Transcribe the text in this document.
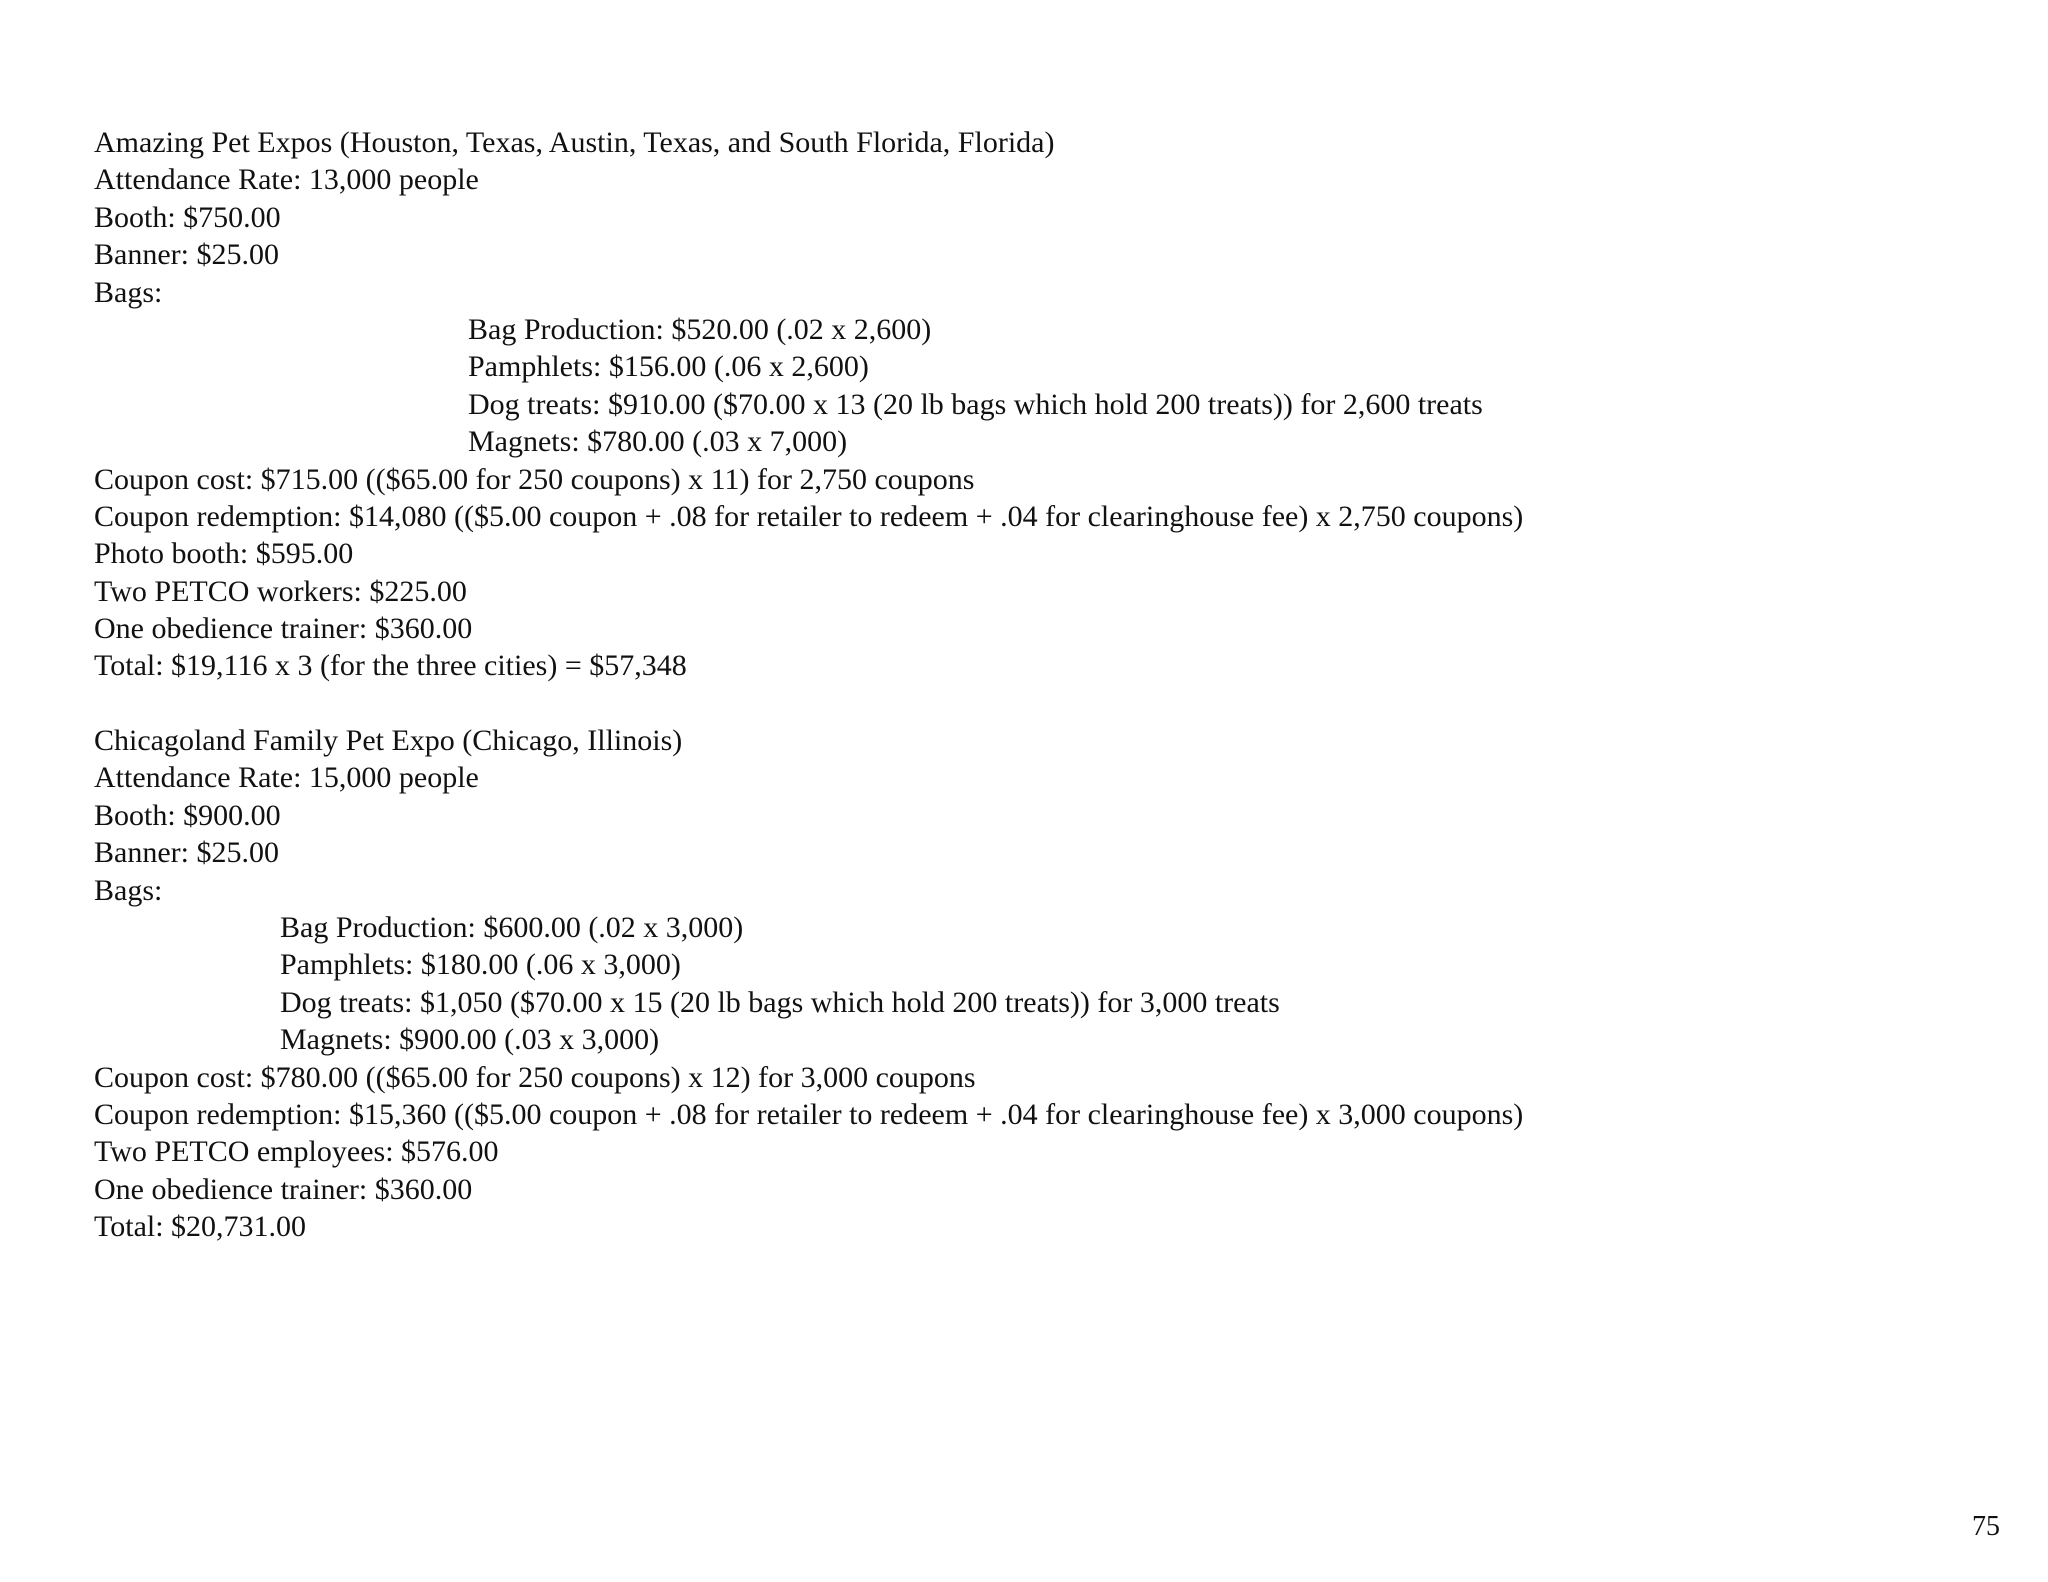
Amazing Pet Expos (Houston, Texas, Austin, Texas, and South Florida, Florida)
Attendance Rate: 13,000 people
Booth: $750.00
Banner: $25.00
Bags:
Bag Production: $520.00 (.02 x 2,600)
Pamphlets: $156.00 (.06 x 2,600)
Dog treats: $910.00 ($70.00 x 13 (20 lb bags which hold 200 treats)) for 2,600 treats
Magnets: $780.00 (.03 x 7,000)
Coupon cost: $715.00 (($65.00 for 250 coupons) x 11) for 2,750 coupons
Coupon redemption: $14,080 (($5.00 coupon + .08 for retailer to redeem + .04 for clearinghouse fee) x 2,750 coupons)
Photo booth: $595.00
Two PETCO workers: $225.00
One obedience trainer: $360.00
Total: $19,116 x 3 (for the three cities) = $57,348
Chicagoland Family Pet Expo (Chicago, Illinois)
Attendance Rate: 15,000 people
Booth: $900.00
Banner: $25.00
Bags:
Bag Production: $600.00 (.02 x 3,000)
Pamphlets: $180.00 (.06 x 3,000)
Dog treats: $1,050 ($70.00 x 15 (20 lb bags which hold 200 treats)) for 3,000 treats
Magnets: $900.00 (.03 x 3,000)
Coupon cost: $780.00 (($65.00 for 250 coupons) x 12) for 3,000 coupons
Coupon redemption: $15,360 (($5.00 coupon + .08 for retailer to redeem + .04 for clearinghouse fee) x 3,000 coupons)
Two PETCO employees: $576.00
One obedience trainer: $360.00
Total: $20,731.00
75
